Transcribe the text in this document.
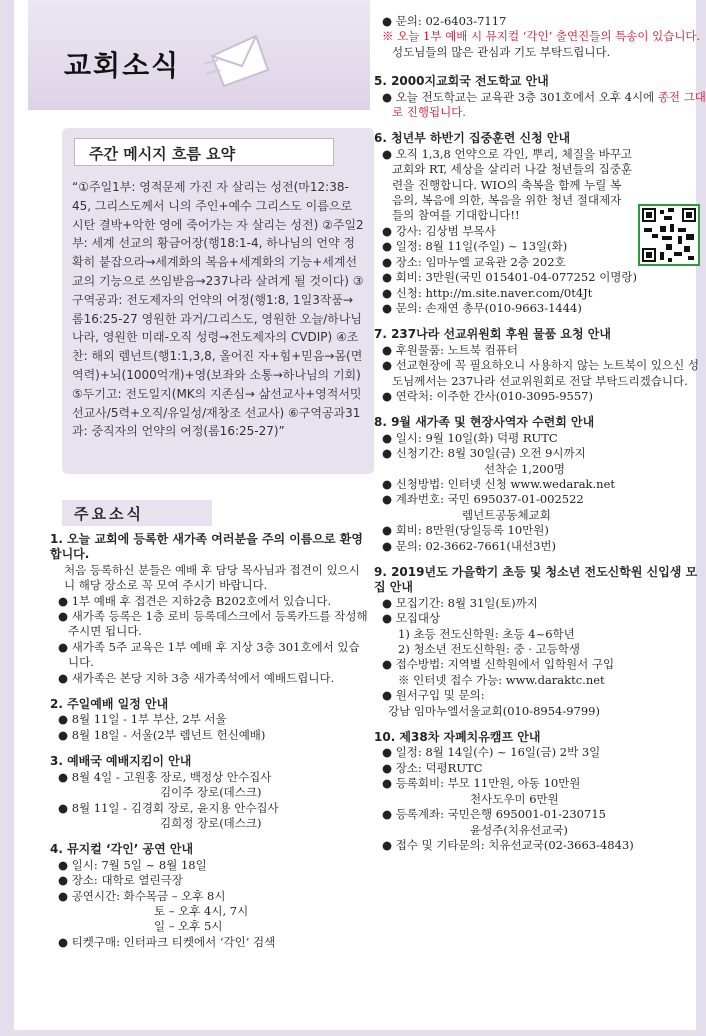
교회소식
주간 메시지 흐름 요약
“①주일1부: 영적문제 가진 자 살리는 성전(마12:38-45, 그리스도께서 니의 주인+예수 그리스도 이름으로 시탄 결박+악한 영에 죽어가는 자 살리는 성전) ②주일2부: 세계 선교의 황금어장(행18:1-4, 하나님의 언약 정확히 붙잡으라→세계화의 복음+세계화의 기능+세계선교의 기능으로 쓰임받음→237나라 살려게 될 것이다) ③구역공과: 전도제자의 언약의 여정(행1:8, 1일3작품→롬16:25-27 영원한 과거/그리스도, 영원한 오늘/하나님 나라, 영원한 미래-오직 성령→전도제자의 CVDIP) ④조찬: 해외 렘넌트(행1:1,3,8, 올어진 자+힘+믿음→몸(면역력)+뇌(1000억개)+영(보좌와 소통→하나님의 기회) ⑤두기고: 전도일지(MK의 지존심→ 삶선교사+영적서밋 선교사/5력+오직/유일성/재창조 선교사) ⑥구역공과31과: 중직자의 언약의 여정(롬16:25-27)”
주요소식
1. 오늘 교회에 등록한 새가족 여러분을 주의 이름으로 환영합니다.
처음 등록하신 분들은 예배 후 담당 목사님과 접견이 있으시니 해당 장소로 꼭 모여 주시기 바랍니다.
● 1부 예배 후 접견은 지하2층 B202호에서 있습니다.
● 새가족 등록은 1층 로비 등록데스크에서 등록카드를 작성해 주시면 됩니다.
● 새가족 5주 교육은 1부 예배 후 지상 3층 301호에서 있습니다.
● 새가족은 본당 지하 3층 새가족석에서 예배드립니다.
2. 주일예배 일정 안내
● 8월 11일 - 1부 부산, 2부 서울
● 8월 18일 - 서울(2부 렘넌트 헌신예배)
3. 예배국 예배지킴이 안내
● 8월 4일 - 고원홍 장로, 백정상 안수집사
김이주 장로(데스크)
● 8월 11일 - 김경회 장로, 윤지용 안수집사
김희정 장로(데스크)
4. 뮤지컬 ‘각인’ 공연 안내
● 일시: 7월 5일 ~ 8월 18일
● 장소: 대학로 열린극장
● 공연시간: 화수목금 – 오후 8시
토 – 오후 4시, 7시
일 – 오후 5시
● 티켓구매: 인터파크 티켓에서 ‘각인’ 검색
● 문의: 02-6403-7117
※ 오늘 1부 예배 시 뮤지컬 ‘각인’ 출연진들의 특송이 있습니다. 성도님들의 많은 관심과 기도 부탁드립니다.
5. 2000지교회국 전도학교 안내
● 오늘 전도학교는 교육관 3층 301호에서 오후 4시에 종전 그대로 진행됩니다.
6. 청년부 하반기 집중훈련 신청 안내
● 오직 1,3,8 언약으로 각인, 뿌리, 체질을 바꾸고 교회와 RT, 세상을 살리러 나갈 청년들의 집중훈련을 진행합니다. WIO의 축복을 함께 누릴 복음의, 복음에 의한, 복음을 위한 청년 절대제자들의 참여를 기대합니다!!
● 강사: 김상범 부목사
● 일정: 8월 11일(주일) ~ 13일(화)
● 장소: 임마누엘 교육관 2층 202호
● 회비: 3만원(국민 015401-04-077252 이명랑)
● 신청: http://m.site.naver.com/0t4Jt
● 문의: 손재연 총무(010-9663-1444)
7. 237나라 선교위원회 후원 물품 요청 안내
● 후원물품: 노트북 컴퓨터
● 선교현장에 꼭 필요하오니 사용하지 않는 노트북이 있으신 성도님께서는 237나라 선교위원회로 전달 부탁드리겠습니다.
● 연락처: 이주한 간사(010-3095-9557)
8. 9월 새가족 및 현장사역자 수련회 안내
● 일시: 9월 10일(화) 덕평 RUTC
● 신청기간: 8월 30일(금) 오전 9시까지
선착순 1,200명
● 신청방법: 인터넷 신청 www.wedarak.net
● 계좌번호: 국민 695037-01-002522
렘넌트공동체교회
● 회비: 8만원(당일등록 10만원)
● 문의: 02-3662-7661(내선3번)
9. 2019년도 가을학기 초등 및 청소년 전도신학원 신입생 모집 안내
● 모집기간: 8월 31일(토)까지
● 모집대상
1) 초등 전도신학원: 초등 4~6학년
2) 청소년 전도신학원: 중 · 고등학생
● 접수방법: 지역별 신학원에서 입학원서 구입
※ 인터넷 접수 가능: www.daraktc.net
● 원서구입 및 문의:
강남 임마누엘서울교회(010-8954-9799)
10. 제38차 자폐치유캠프 안내
● 일정: 8월 14일(수) ~ 16일(금) 2박 3일
● 장소: 덕평RUTC
● 등록회비: 부모 11만원, 아동 10만원
천사도우미 6만원
● 등록계좌: 국민은행 695001-01-230715
윤성주(치유선교국)
● 접수 및 기타문의: 치유선교국(02-3663-4843)
